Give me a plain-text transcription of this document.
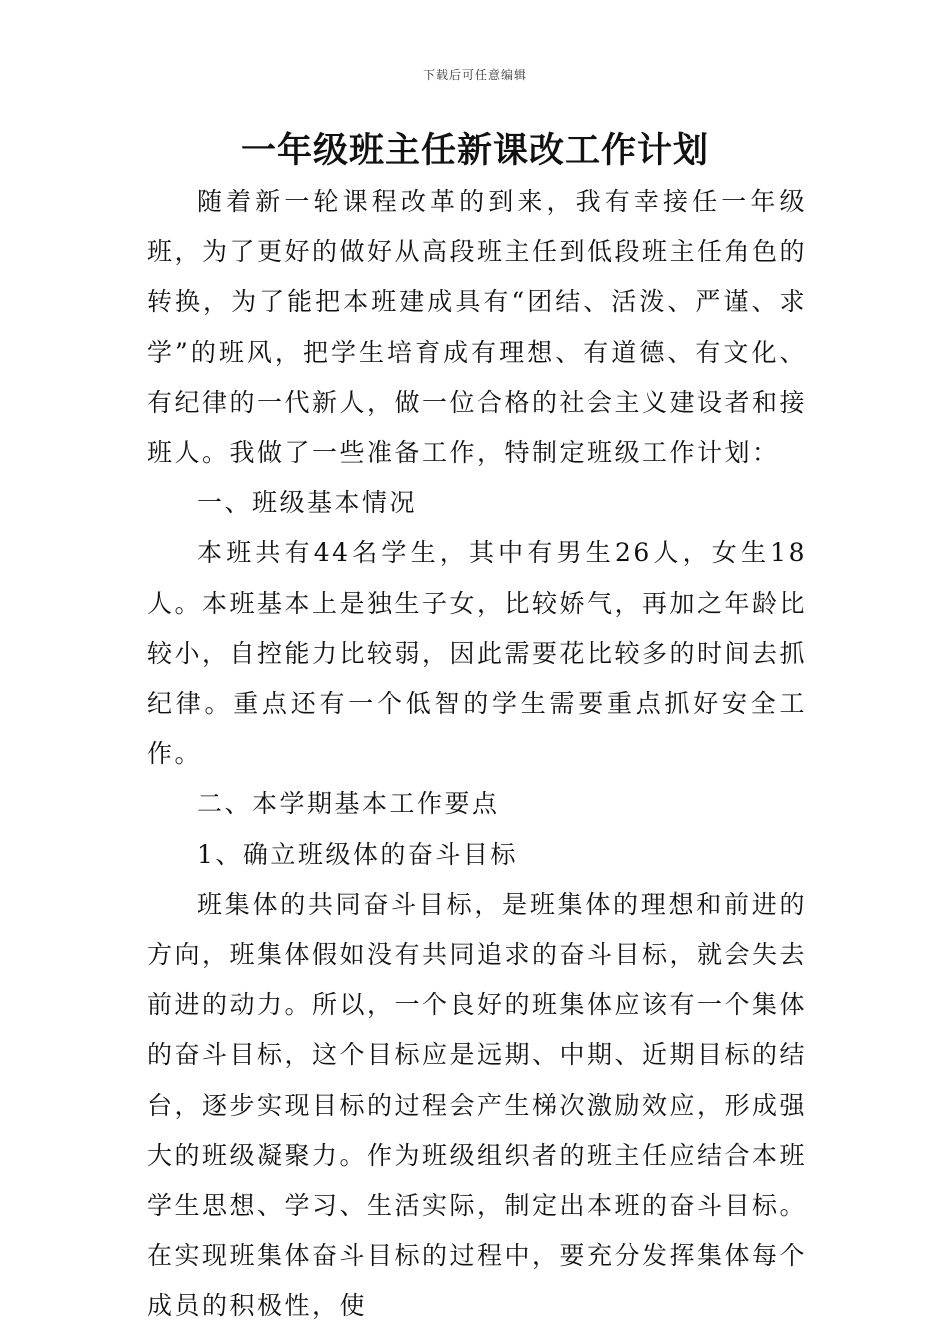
下载后可任意编辑
一年级班主任新课改工作计划

随着新一轮课程改革的到来，我有幸接任一年级班，为了更好的做好从高段班主任到低段班主任角色的转换，为了能把本班建成具有“团结、活泼、严谨、求学”的班风，把学生培育成有理想、有道德、有文化、有纪律的一代新人，做一位合格的社会主义建设者和接班人。我做了一些准备工作，特制定班级工作计划：

一、班级基本情况

本班共有44名学生，其中有男生26人，女生18人。本班基本上是独生子女，比较娇气，再加之年龄比较小，自控能力比较弱，因此需要花比较多的时间去抓纪律。重点还有一个低智的学生需要重点抓好安全工作。

二、本学期基本工作要点

1、确立班级体的奋斗目标

班集体的共同奋斗目标，是班集体的理想和前进的方向，班集体假如没有共同追求的奋斗目标，就会失去前进的动力。所以，一个良好的班集体应该有一个集体的奋斗目标，这个目标应是远期、中期、近期目标的结台，逐步实现目标的过程会产生梯次激励效应，形成强大的班级凝聚力。作为班级组织者的班主任应结合本班学生思想、学习、生活实际，制定出本班的奋斗目标。在实现班集体奋斗目标的过程中，要充分发挥集体每个成员的积极性，使
